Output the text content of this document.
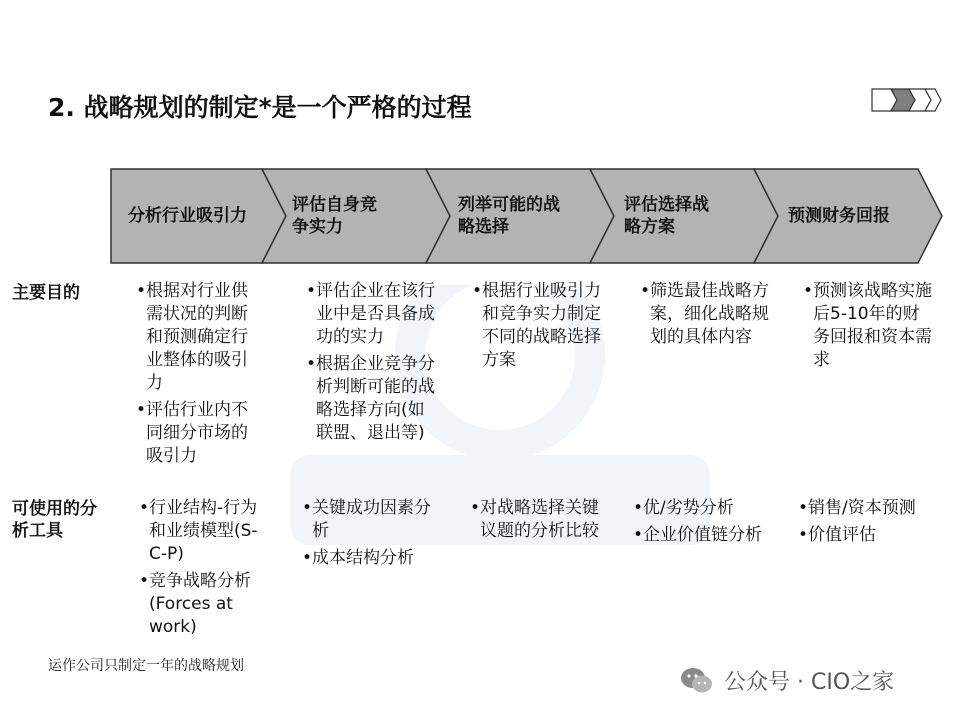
2. 战略规划的制定*是一个严格的过程
分析行业吸引力
评估自身竞
争实力
列举可能的战
略选择
评估选择战
略方案
预测财务回报
主要目的
可使用的分
析工具
• 根据对行业供需状况的判断和预测确定行业整体的吸引力
• 评估行业内不同细分市场的吸引力
• 评估企业在该行业中是否具备成功的实力
• 根据企业竞争分析判断可能的战略选择方向(如联盟、退出等)
• 根据行业吸引力和竞争实力制定不同的战略选择方案
• 筛选最佳战略方案，细化战略规划的具体内容
• 预测该战略实施后5-10年的财务回报和资本需求
• 行业结构-行为和业绩模型(S-C-P)
• 竞争战略分析(Forces at work)
• 关键成功因素分析
• 成本结构分析
• 对战略选择关键议题的分析比较
• 优/劣势分析
• 企业价值链分析
• 销售/资本预测
• 价值评估
运作公司只制定一年的战略规划
公众号 · CIO之家
